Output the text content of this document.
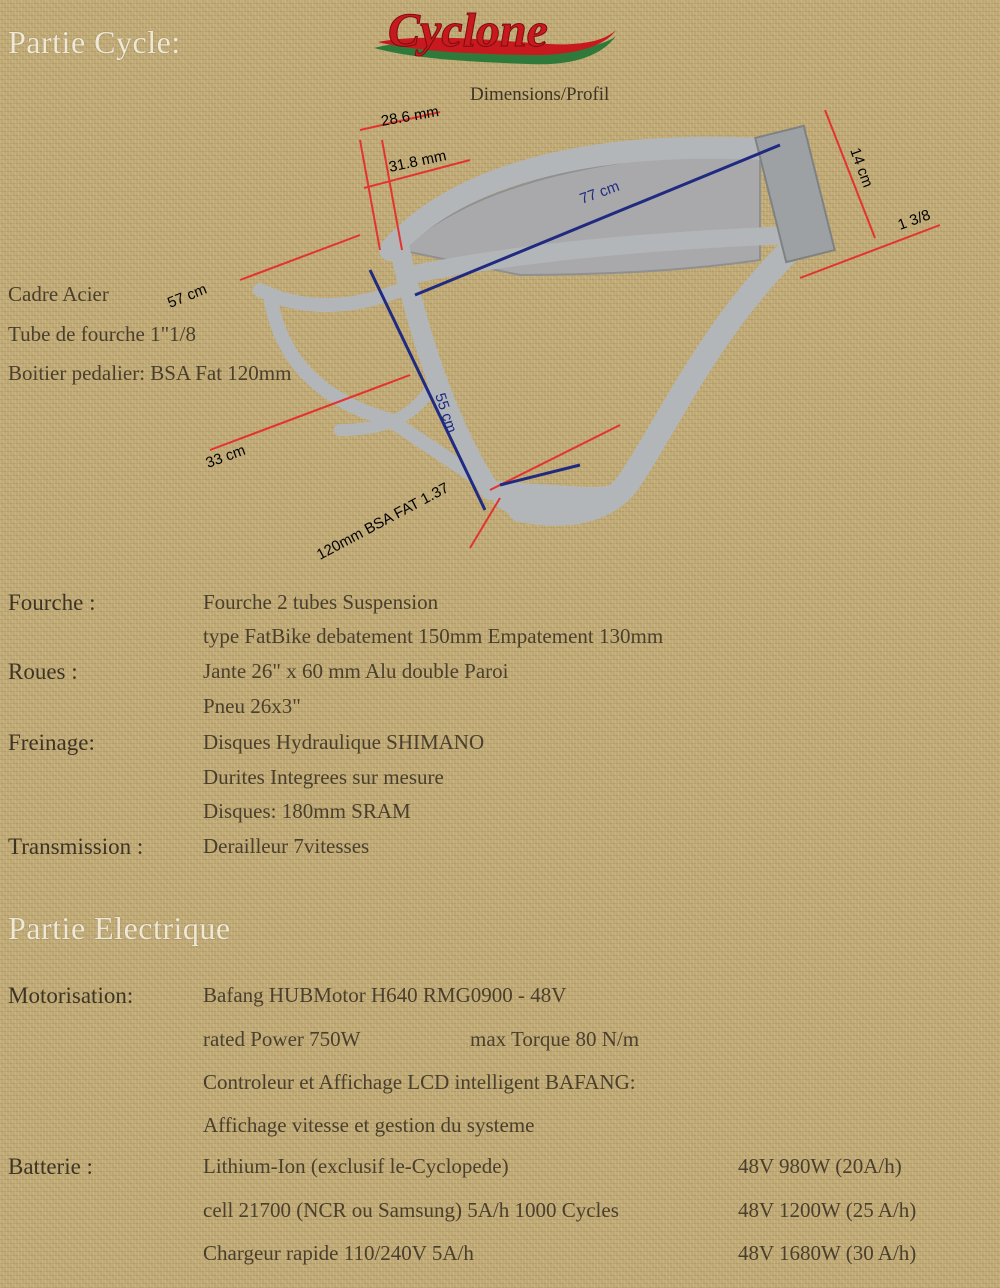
Partie Cycle:	Cyclone
Dimensions/Profil
Cadre Acier
Tube de fourche 1"1/8
Boitier pedalier: BSA Fat 120mm
28.6 mm
31.8 mm
77 cm
14 cm
1 3/8
57 cm
55 cm
33 cm
120mm BSA FAT 1.37
Fourche :	Fourche 2 tubes Suspension
type FatBike debatement 150mm Empatement 130mm
Roues :	Jante 26" x 60 mm Alu double Paroi
Pneu 26x3"
Freinage:	Disques Hydraulique SHIMANO
Durites Integrees sur mesure
Disques: 180mm SRAM
Transmission :	Derailleur 7vitesses
Partie Electrique
Motorisation:	Bafang HUBMotor H640 RMG0900 - 48V
rated Power 750W	max Torque 80 N/m
Controleur et Affichage LCD intelligent BAFANG:
Affichage vitesse et gestion du systeme
Batterie :	Lithium-Ion (exclusif le-Cyclopede)	48V 980W (20A/h)
cell 21700 (NCR ou Samsung) 5A/h 1000 Cycles	48V 1200W (25 A/h)
Chargeur rapide 110/240V 5A/h	48V 1680W (30 A/h)
